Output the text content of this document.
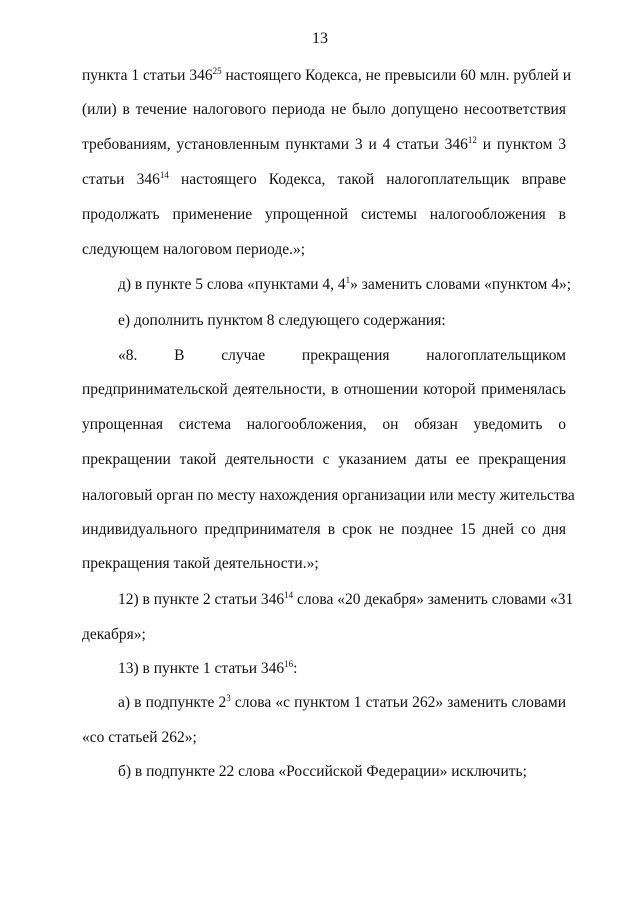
13
пункта 1 статьи $346^{25}$ настоящего Кодекса, не превысили 60 млн. рублей и
(или) в течение налогового периода не было допущено несоответствия
требованиям, установленным пунктами 3 и 4 статьи $346^{12}$ и пунктом 3
статьи $346^{14}$ настоящего Кодекса, такой налогоплательщик вправе
продолжать применение упрощенной системы налогообложения в
следующем налоговом периоде.»;
д) в пункте 5 слова «пунктами 4, $4^1$» заменить словами «пунктом 4»;
е) дополнить пунктом 8 следующего содержания:
«8. В случае прекращения налогоплательщиком
предпринимательской деятельности, в отношении которой применялась
упрощенная система налогообложения, он обязан уведомить о
прекращении такой деятельности с указанием даты ее прекращения
налоговый орган по месту нахождения организации или месту жительства
индивидуального предпринимателя в срок не позднее 15 дней со дня
прекращения такой деятельности.»;
12) в пункте 2 статьи $346^{14}$ слова «20 декабря» заменить словами «31
декабря»;
13) в пункте 1 статьи $346^{16}$:
а) в подпункте $2^3$ слова «с пунктом 1 статьи 262» заменить словами
«со статьей 262»;
б) в подпункте 22 слова «Российской Федерации» исключить;
